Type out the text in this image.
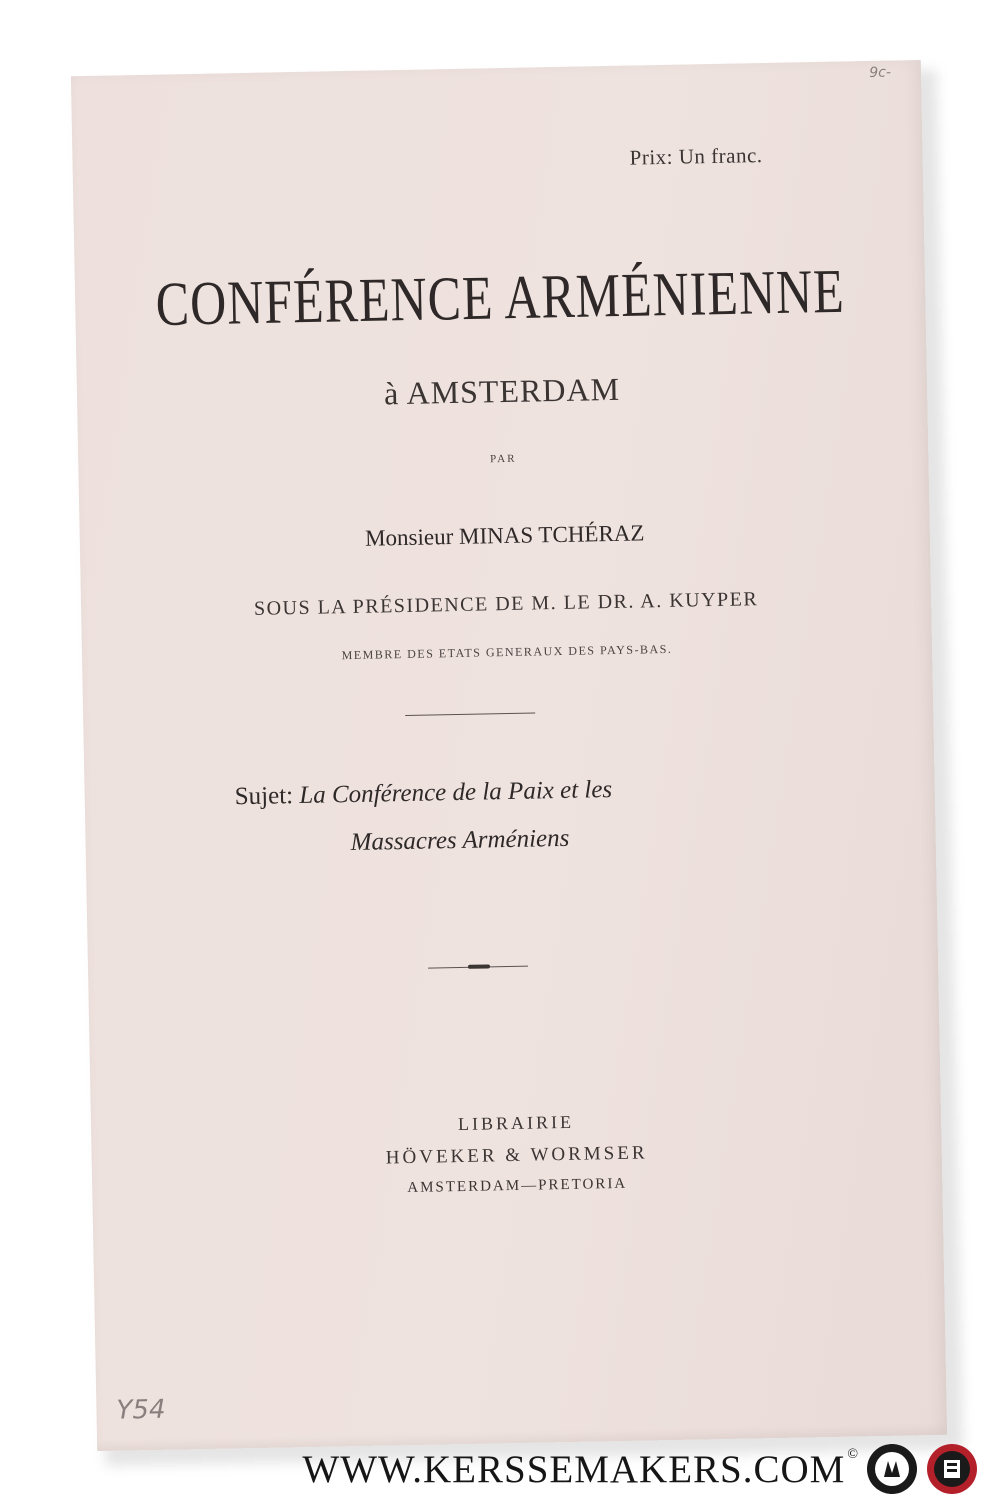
9c-
Prix: Un franc.
CONFÉRENCE ARMÉNIENNE
à AMSTERDAM
PAR
Monsieur MINAS TCHÉRAZ
SOUS LA PRÉSIDENCE DE M. LE DR. A. KUYPER
MEMBRE DES ETATS GENERAUX DES PAYS-BAS.
Sujet: La Conférence de la Paix et les
Massacres Arméniens
LIBRAIRIE
HÖVEKER & WORMSER
AMSTERDAM—PRETORIA
Y54
WWW.KERSSEMAKERS.COM ©
